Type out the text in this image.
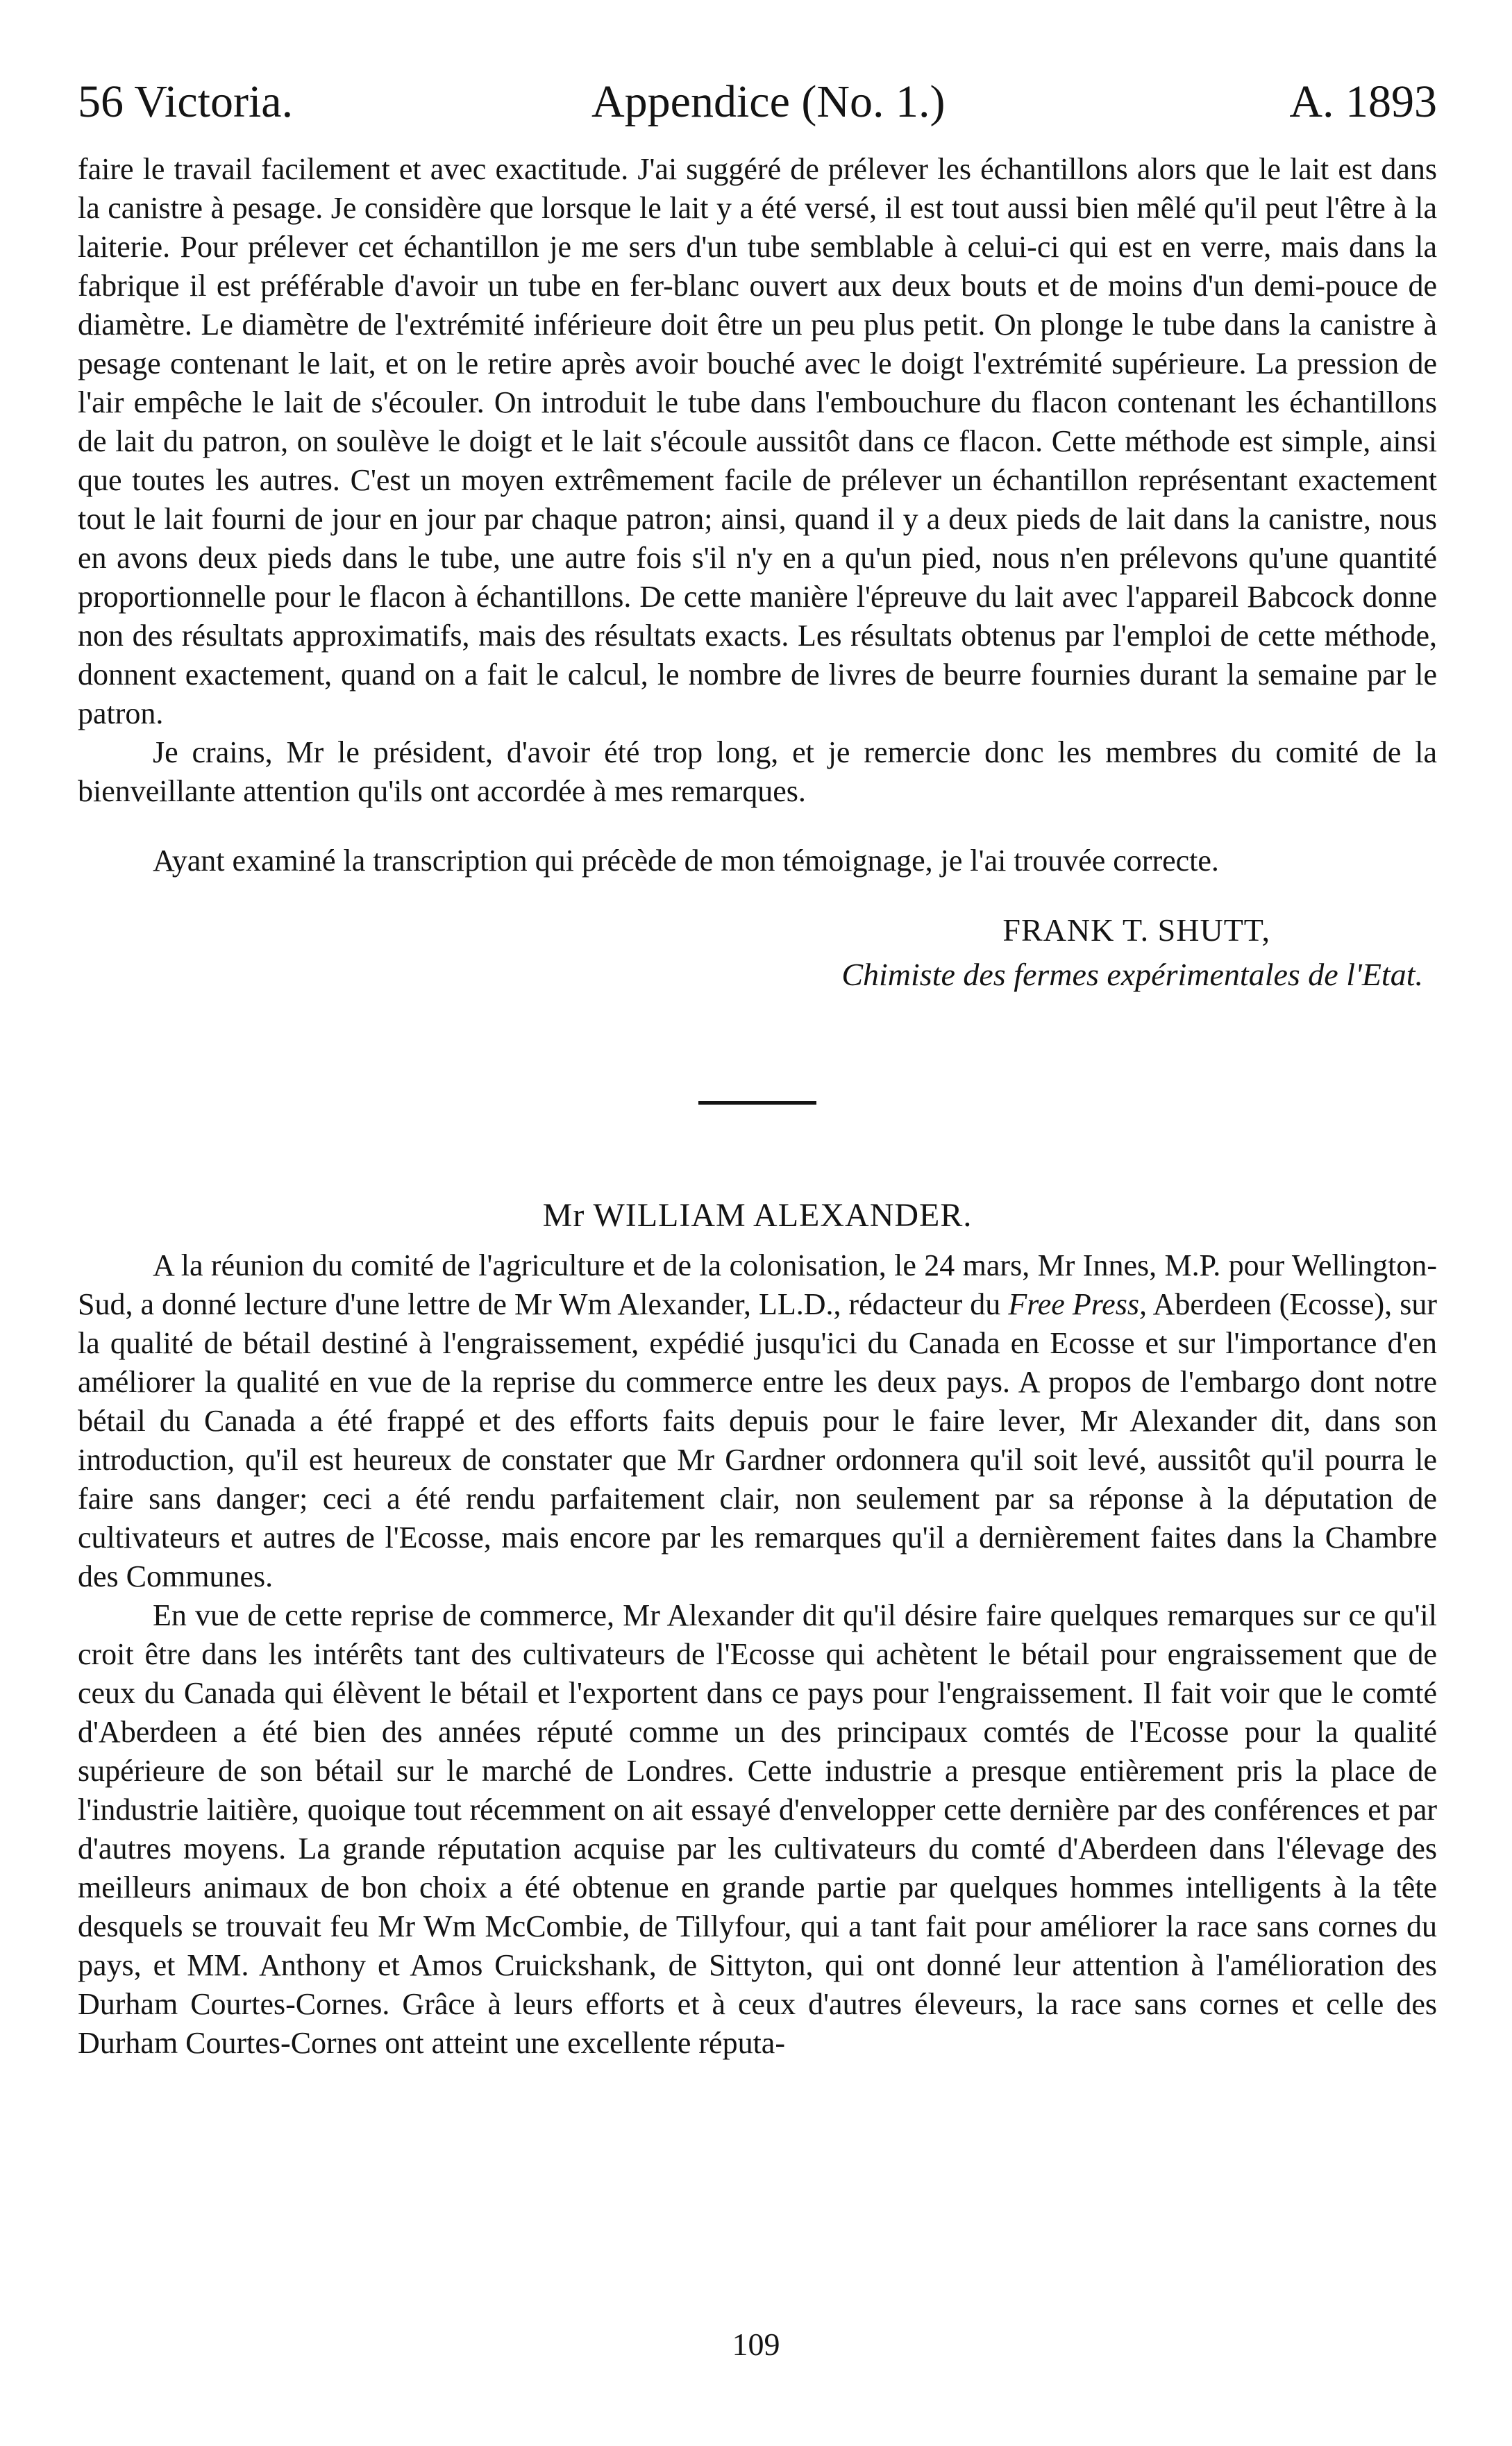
56 Victoria.	Appendice (No. 1.)	A. 1893

faire le travail facilement et avec exactitude. J'ai suggéré de prélever les échantillons alors que le lait est dans la canistre à pesage. Je considère que lorsque le lait y a été versé, il est tout aussi bien mêlé qu'il peut l'être à la laiterie. Pour prélever cet échantillon je me sers d'un tube semblable à celui-ci qui est en verre, mais dans la fabrique il est préférable d'avoir un tube en fer-blanc ouvert aux deux bouts et de moins d'un demi-pouce de diamètre. Le diamètre de l'extrémité inférieure doit être un peu plus petit. On plonge le tube dans la canistre à pesage contenant le lait, et on le retire après avoir bouché avec le doigt l'extrémité supérieure. La pression de l'air empêche le lait de s'écouler. On introduit le tube dans l'embouchure du flacon contenant les échantillons de lait du patron, on soulève le doigt et le lait s'écoule aussitôt dans ce flacon. Cette méthode est simple, ainsi que toutes les autres. C'est un moyen extrêmement facile de prélever un échantillon représentant exactement tout le lait fourni de jour en jour par chaque patron; ainsi, quand il y a deux pieds de lait dans la canistre, nous en avons deux pieds dans le tube, une autre fois s'il n'y en a qu'un pied, nous n'en prélevons qu'une quantité proportionnelle pour le flacon à échantillons. De cette manière l'épreuve du lait avec l'appareil Babcock donne non des résultats approximatifs, mais des résultats exacts. Les résultats obtenus par l'emploi de cette méthode, donnent exactement, quand on a fait le calcul, le nombre de livres de beurre fournies durant la semaine par le patron.

Je crains, Mr le président, d'avoir été trop long, et je remercie donc les membres du comité de la bienveillante attention qu'ils ont accordée à mes remarques.

Ayant examiné la transcription qui précède de mon témoignage, je l'ai trouvée correcte.

FRANK T. SHUTT,
Chimiste des fermes expérimentales de l'Etat.
Mr WILLIAM ALEXANDER.

A la réunion du comité de l'agriculture et de la colonisation, le 24 mars, Mr Innes, M.P. pour Wellington-Sud, a donné lecture d'une lettre de Mr Wm Alexander, LL.D., rédacteur du Free Press, Aberdeen (Ecosse), sur la qualité de bétail destiné à l'engraissement, expédié jusqu'ici du Canada en Ecosse et sur l'importance d'en améliorer la qualité en vue de la reprise du commerce entre les deux pays. A propos de l'embargo dont notre bétail du Canada a été frappé et des efforts faits depuis pour le faire lever, Mr Alexander dit, dans son introduction, qu'il est heureux de constater que Mr Gardner ordonnera qu'il soit levé, aussitôt qu'il pourra le faire sans danger; ceci a été rendu parfaitement clair, non seulement par sa réponse à la députation de cultivateurs et autres de l'Ecosse, mais encore par les remarques qu'il a dernièrement faites dans la Chambre des Communes.

En vue de cette reprise de commerce, Mr Alexander dit qu'il désire faire quelques remarques sur ce qu'il croit être dans les intérêts tant des cultivateurs de l'Ecosse qui achètent le bétail pour engraissement que de ceux du Canada qui élèvent le bétail et l'exportent dans ce pays pour l'engraissement. Il fait voir que le comté d'Aberdeen a été bien des années réputé comme un des principaux comtés de l'Ecosse pour la qualité supérieure de son bétail sur le marché de Londres. Cette industrie a presque entièrement pris la place de l'industrie laitière, quoique tout récemment on ait essayé d'envelopper cette dernière par des conférences et par d'autres moyens. La grande réputation acquise par les cultivateurs du comté d'Aberdeen dans l'élevage des meilleurs animaux de bon choix a été obtenue en grande partie par quelques hommes intelligents à la tête desquels se trouvait feu Mr Wm McCombie, de Tillyfour, qui a tant fait pour améliorer la race sans cornes du pays, et MM. Anthony et Amos Cruickshank, de Sittyton, qui ont donné leur attention à l'amélioration des Durham Courtes-Cornes. Grâce à leurs efforts et à ceux d'autres éleveurs, la race sans cornes et celle des Durham Courtes-Cornes ont atteint une excellente réputa-

109
